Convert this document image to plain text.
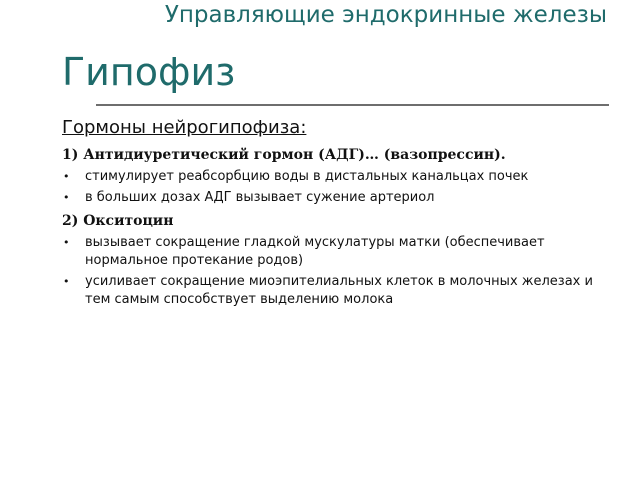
Управляющие эндокринные железы
Гипофиз
Гормоны нейрогипофиза:
1) Антидиуретический гормон (АДГ)… (вазопрессин).
• стимулирует реабсорбцию воды в дистальных канальцах почек
• в больших дозах АДГ вызывает сужение артериол
2) Окситоцин
• вызывает сокращение гладкой мускулатуры матки (обеспечивает нормальное протекание родов)
• усиливает сокращение миоэпителиальных клеток в молочных железах и тем самым способствует выделению молока
